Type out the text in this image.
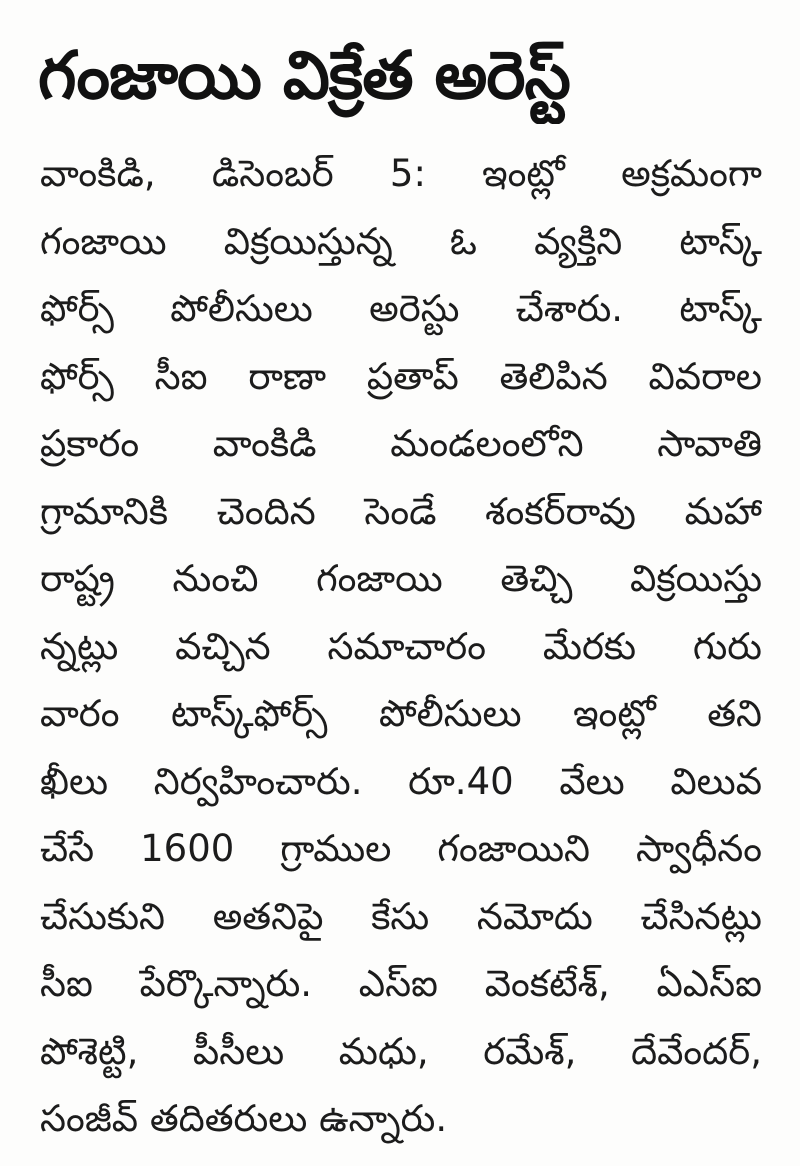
గంజాయి విక్రేత అరెస్ట్
వాంకిడి, డిసెంబర్ 5: ఇంట్లో అక్రమంగా
గంజాయి విక్రయిస్తున్న ఓ వ్యక్తిని టాస్క్
ఫోర్స్ పోలీసులు అరెస్టు చేశారు. టాస్క్
ఫోర్స్ సీఐ రాణా ప్రతాప్ తెలిపిన వివరాల
ప్రకారం వాంకిడి మండలంలోని సావాతి
గ్రామానికి చెందిన సెండే శంకర్‌రావు మహా
రాష్ట్ర నుంచి గంజాయి తెచ్చి విక్రయిస్తు
న్నట్లు వచ్చిన సమాచారం మేరకు గురు
వారం టాస్క్‌ఫోర్స్ పోలీసులు ఇంట్లో తని
ఖీలు నిర్వహించారు. రూ.40 వేలు విలువ
చేసే 1600 గ్రాముల గంజాయిని స్వాధీనం
చేసుకుని అతనిపై కేసు నమోదు చేసినట్లు
సీఐ పేర్కొన్నారు. ఎస్ఐ వెంకటేశ్, ఏఎస్ఐ
పోశెట్టి, పీసీలు మధు, రమేశ్, దేవేందర్,
సంజీవ్ తదితరులు ఉన్నారు.
